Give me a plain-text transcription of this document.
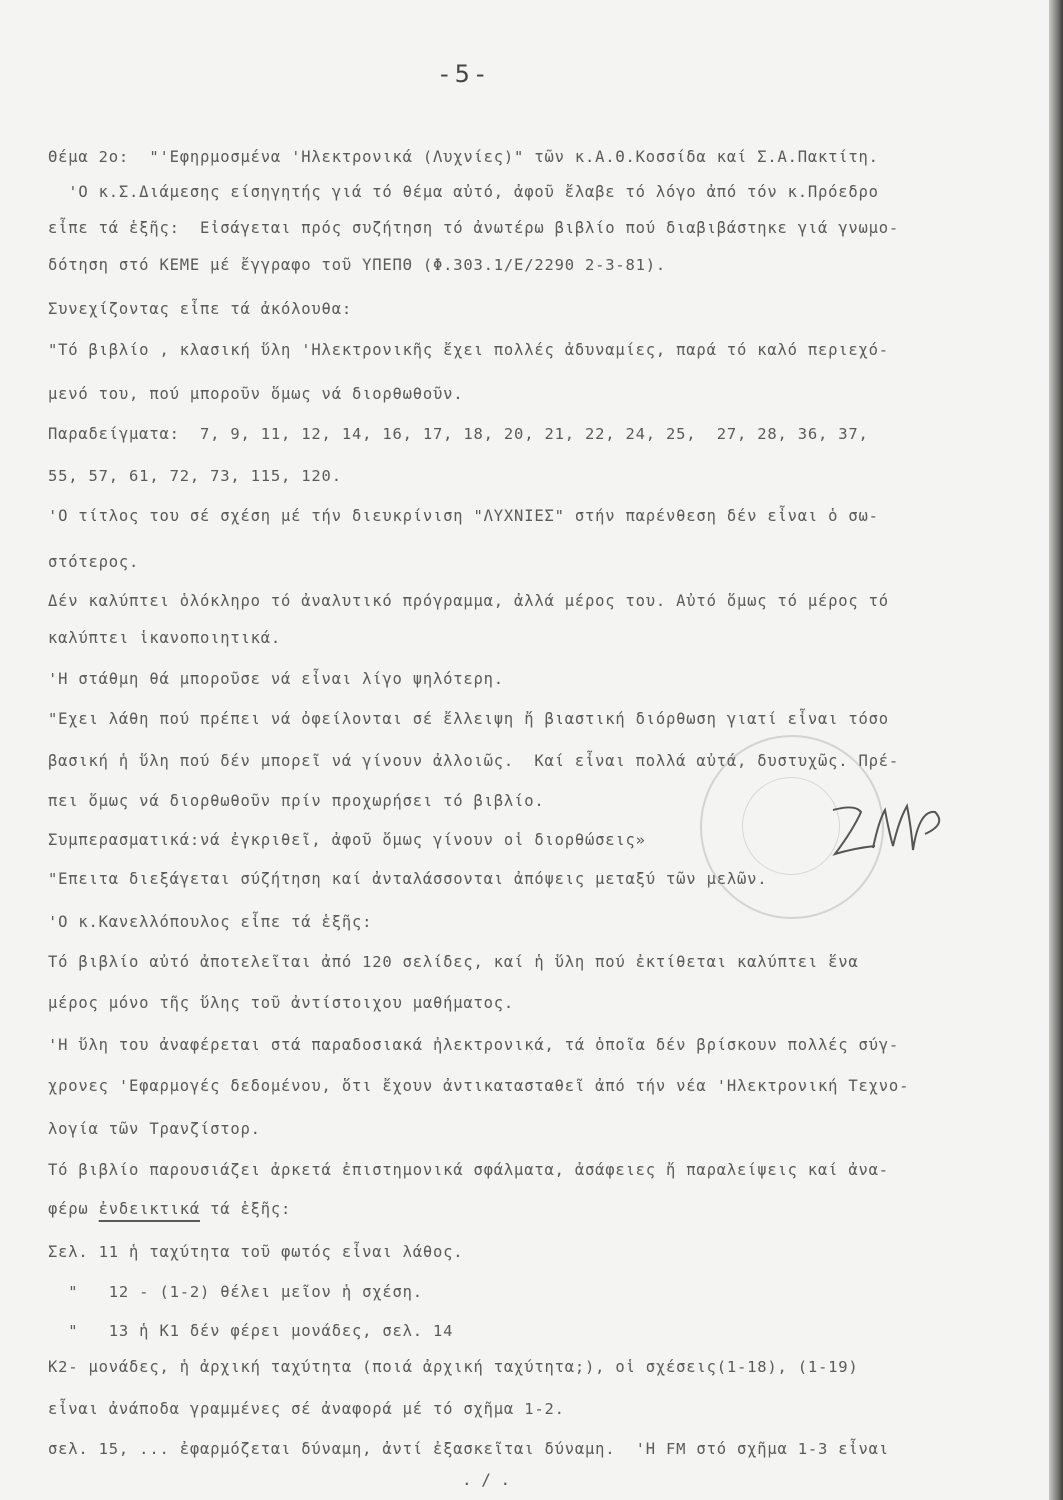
-5-
Θέμα 2ο:  "'Εφηρμοσμένα 'Ηλεκτρονικά (Λυχνίες)" τῶν κ.Α.Θ.Κοσσίδα καί Σ.Α.Πακτίτη.
'Ο κ.Σ.Διάμεσης είσηγητής γιά τό θέμα αὐτό, ἀφοῦ ἔλαβε τό λόγο ἀπό τόν κ.Πρόεδρο
εἶπε τά ἑξῆς:  Εἰσάγεται πρός συζήτηση τό ἀνωτέρω βιβλίο πού διαβιβάστηκε γιά γνωμο-
δότηση στό ΚΕΜΕ μέ ἔγγραφο τοῦ ΥΠΕΠΘ (Φ.303.1/Ε/2290 2-3-81).
Συνεχίζοντας εἶπε τά ἀκόλουθα:
"Τό βιβλίο , κλασική ὕλη 'Ηλεκτρονικῆς ἔχει πολλές ἀδυναμίες, παρά τό καλό περιεχό-
μενό του, πού μποροῦν ὅμως νά διορθωθοῦν.
Παραδείγματα:  7, 9, 11, 12, 14, 16, 17, 18, 20, 21, 22, 24, 25,  27, 28, 36, 37,
55, 57, 61, 72, 73, 115, 120.
'Ο τίτλος του σέ σχέση μέ τήν διευκρίνιση "ΛΥΧΝΙΕΣ" στήν παρένθεση δέν εἶναι ὁ σω-
στότερος.
Δέν καλύπτει ὁλόκληρο τό ἀναλυτικό πρόγραμμα, ἀλλά μέρος του. Αὐτό ὅμως τό μέρος τό
καλύπτει ἱκανοποιητικά.
'Η στάθμη θά μποροῦσε νά εἶναι λίγο ψηλότερη.
"Εχει λάθη πού πρέπει νά ὀφείλονται σέ ἔλλειψη ἤ βιαστική διόρθωση γιατί εἶναι τόσο
βασική ἡ ὕλη πού δέν μπορεῖ νά γίνουν ἀλλοιῶς.  Καί εἶναι πολλά αὐτά, δυστυχῶς. Πρέ-
πει ὅμως νά διορθωθοῦν πρίν προχωρήσει τό βιβλίο.
Συμπερασματικά:νά ἐγκριθεῖ, ἀφοῦ ὅμως γίνουν οἱ διορθώσεις»
"Επειτα διεξάγεται σύζήτηση καί ἀνταλάσσονται ἀπόψεις μεταξύ τῶν μελῶν.
'Ο κ.Κανελλόπουλος εἶπε τά ἑξῆς:
Τό βιβλίο αὐτό ἀποτελεῖται ἀπό 120 σελίδες, καί ἡ ὕλη πού ἐκτίθεται καλύπτει ἕνα
μέρος μόνο τῆς ὕλης τοῦ ἀντίστοιχου μαθήματος.
'Η ὕλη του ἀναφέρεται στά παραδοσιακά ἠλεκτρονικά, τά ὁποῖα δέν βρίσκουν πολλές σύγ-
χρονες 'Εφαρμογές δεδομένου, ὅτι ἔχουν ἀντικατασταθεῖ ἀπό τήν νέα 'Ηλεκτρονική Τεχνο-
λογία τῶν Τρανζίστορ.
Τό βιβλίο παρουσιάζει ἀρκετά ἐπιστημονικά σφάλματα, ἀσάφειες ἤ παραλείψεις καί ἀνα-
φέρω ἐνδεικτικά τά ἑξῆς:
Σελ. 11 ἡ ταχύτητα τοῦ φωτός εἶναι λάθος.
"   12 - (1-2) θέλει μεῖον ἡ σχέση.
"   13 ἡ Κ1 δέν φέρει μονάδες, σελ. 14
Κ2- μονάδες, ἡ ἀρχική ταχύτητα (ποιά ἀρχική ταχύτητα;), οἱ σχέσεις(1-18), (1-19)
εἶναι ἀνάποδα γραμμένες σέ ἀναφορά μέ τό σχῆμα 1-2.
σελ. 15, ... ἐφαρμόζεται δύναμη, ἀντί ἐξασκεῖται δύναμη.  'Η FM στό σχῆμα 1-3 εἶναι
. / .
